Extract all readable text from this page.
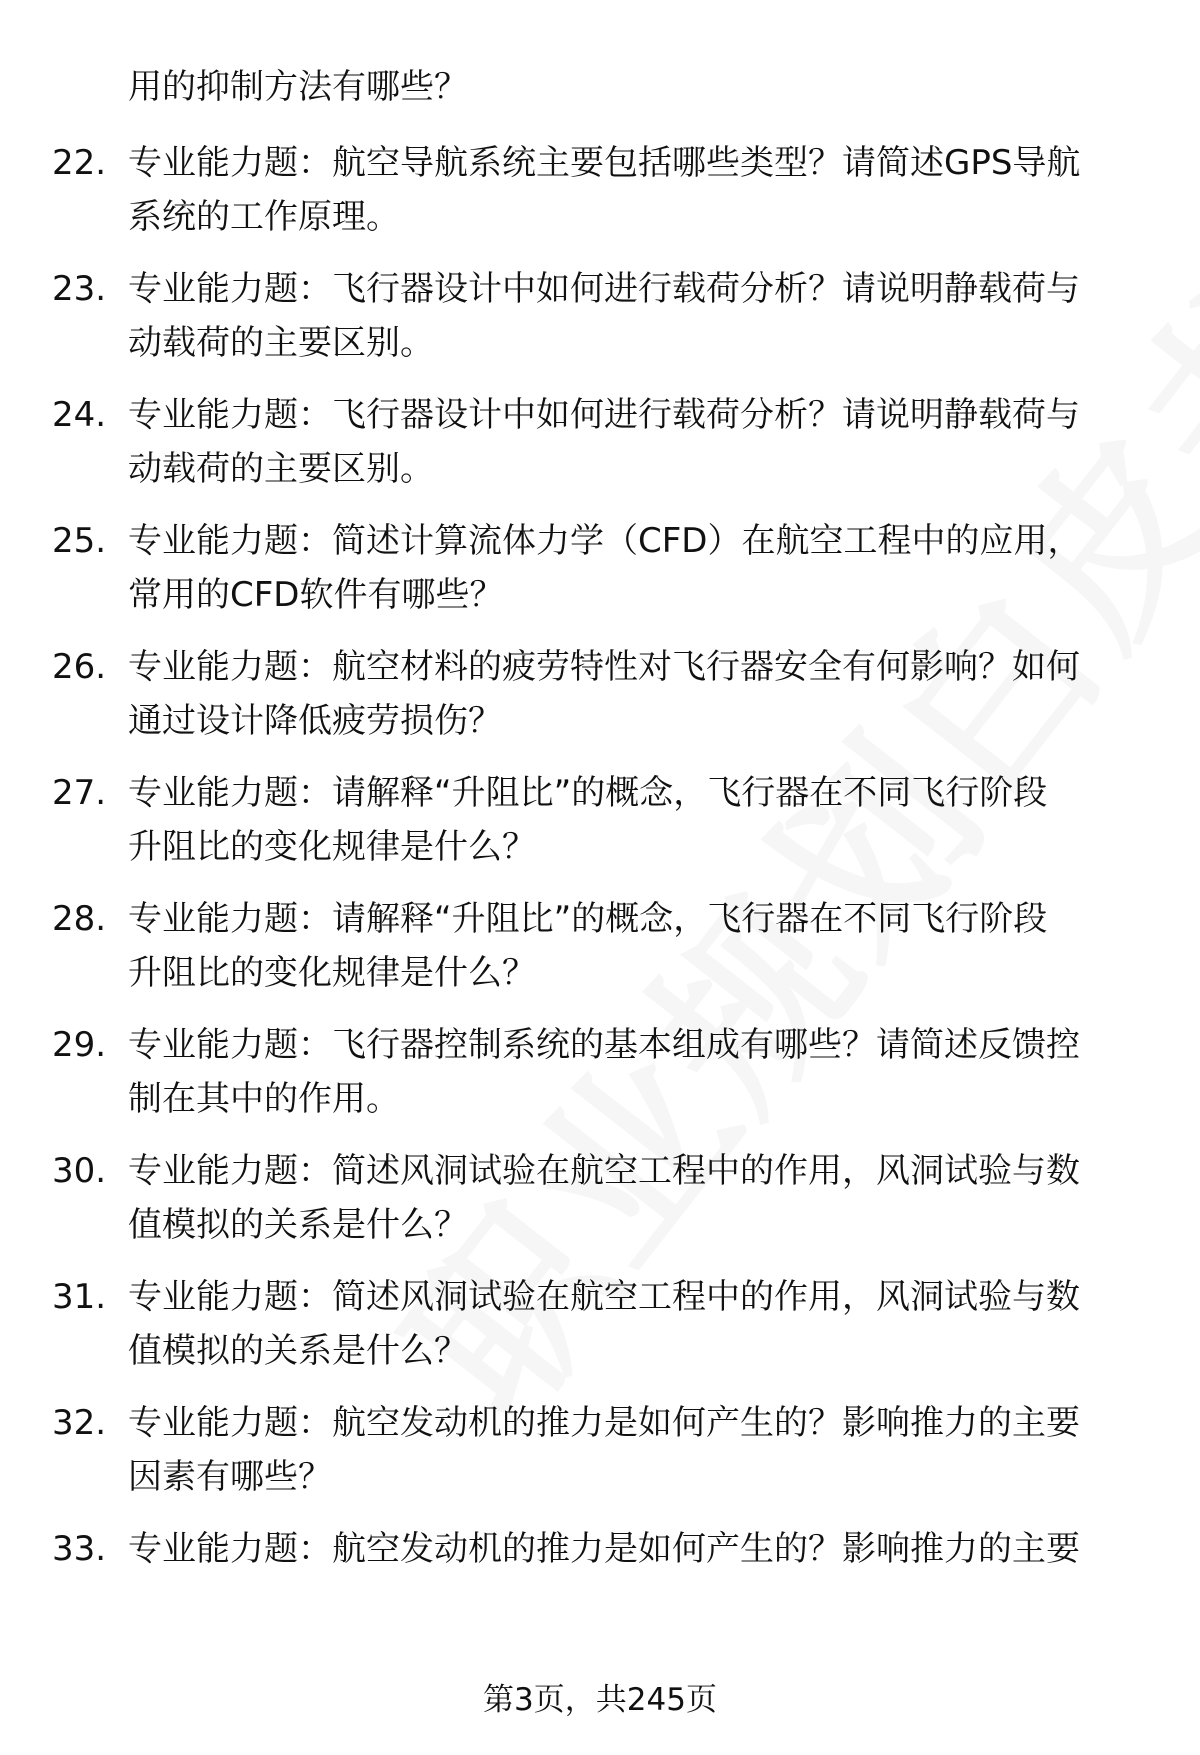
用的抑制方法有哪些？
22. 专业能力题：航空导航系统主要包括哪些类型？请简述GPS导航
系统的工作原理。
23. 专业能力题：飞行器设计中如何进行载荷分析？请说明静载荷与
动载荷的主要区别。
24. 专业能力题：飞行器设计中如何进行载荷分析？请说明静载荷与
动载荷的主要区别。
25. 专业能力题：简述计算流体力学（CFD）在航空工程中的应用，
常用的CFD软件有哪些？
26. 专业能力题：航空材料的疲劳特性对飞行器安全有何影响？如何
通过设计降低疲劳损伤？
27. 专业能力题：请解释“升阻比”的概念，飞行器在不同飞行阶段
升阻比的变化规律是什么？
28. 专业能力题：请解释“升阻比”的概念，飞行器在不同飞行阶段
升阻比的变化规律是什么？
29. 专业能力题：飞行器控制系统的基本组成有哪些？请简述反馈控
制在其中的作用。
30. 专业能力题：简述风洞试验在航空工程中的作用，风洞试验与数
值模拟的关系是什么？
31. 专业能力题：简述风洞试验在航空工程中的作用，风洞试验与数
值模拟的关系是什么？
32. 专业能力题：航空发动机的推力是如何产生的？影响推力的主要
因素有哪些？
33. 专业能力题：航空发动机的推力是如何产生的？影响推力的主要
第3页，共245页
